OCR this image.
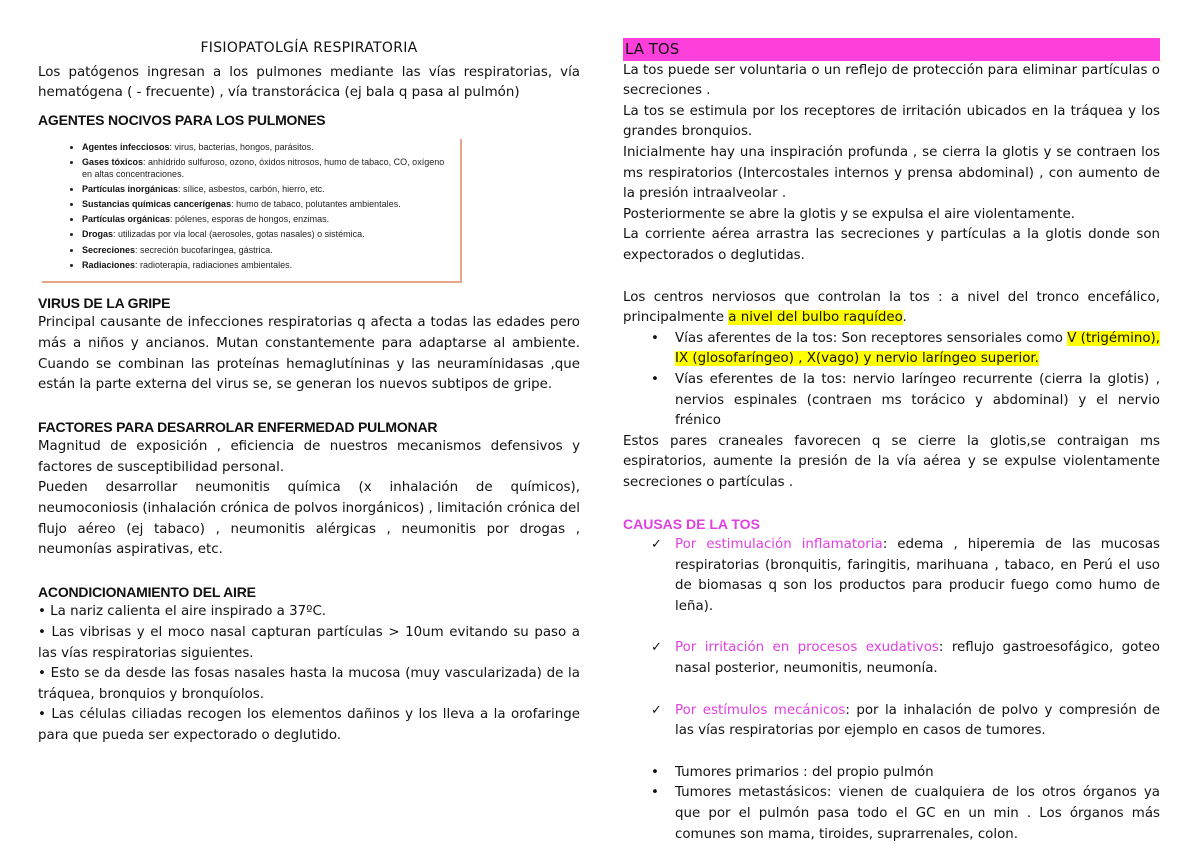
FISIOPATOLGÍA RESPIRATORIA

Los patógenos ingresan a los pulmones mediante las vías respiratorias, vía hematógena ( - frecuente) , vía transtorácica (ej bala q pasa al pulmón)

AGENTES NOCIVOS PARA LOS PULMONES

• Agentes infecciosos: virus, bacterias, hongos, parásitos.
• Gases tóxicos: anhídrido sulfuroso, ozono, óxidos nitrosos, humo de tabaco, CO, oxígeno en altas concentraciones.
• Partículas inorgánicas: sílice, asbestos, carbón, hierro, etc.
• Sustancias químicas cancerígenas: humo de tabaco, polutantes ambientales.
• Partículas orgánicas: pólenes, esporas de hongos, enzimas.
• Drogas: utilizadas por vía local (aerosoles, gotas nasales) o sistémica.
• Secreciones: secreción bucofaríngea, gástrica.
• Radiaciones: radioterapia, radiaciones ambientales.

VIRUS DE LA GRIPE

Principal causante de infecciones respiratorias q afecta a todas las edades pero más a niños y ancianos. Mutan constantemente para adaptarse al ambiente. Cuando se combinan las proteínas hemaglutíninas y las neuramínidasas ,que están la parte externa del virus se, se generan los nuevos subtipos de gripe.

FACTORES PARA DESARROLAR ENFERMEDAD PULMONAR

Magnitud de exposición , eficiencia de nuestros mecanismos defensivos y factores de susceptibilidad personal.

Pueden desarrollar neumonitis química (x inhalación de químicos), neumoconiosis (inhalación crónica de polvos inorgánicos) , limitación crónica del flujo aéreo (ej tabaco) , neumonitis alérgicas , neumonitis por drogas , neumonías aspirativas, etc.

ACONDICIONAMIENTO DEL AIRE

• La nariz calienta el aire inspirado a 37ºC.

• Las vibrisas y el moco nasal capturan partículas > 10um evitando su paso a las vías respiratorias siguientes.

• Esto se da desde las fosas nasales hasta la mucosa (muy vascularizada) de la tráquea, bronquios y bronquíolos.

• Las células ciliadas recogen los elementos dañinos y los lleva a la orofaringe para que pueda ser expectorado o deglutido.

LA TOS

La tos puede ser voluntaria o un reflejo de protección para eliminar partículas o secreciones .

La tos se estimula por los receptores de irritación ubicados en la tráquea y los grandes bronquios.

Inicialmente hay una inspiración profunda , se cierra la glotis y se contraen los ms respiratorios (Intercostales internos y prensa abdominal) , con aumento de la presión intraalveolar .

Posteriormente se abre la glotis y se expulsa el aire violentamente.

La corriente aérea arrastra las secreciones y partículas a la glotis donde son expectorados o deglutidas.

Los centros nerviosos que controlan la tos : a nivel del tronco encefálico, principalmente a nivel del bulbo raquídeo.

• Vías aferentes de la tos: Son receptores sensoriales como V (trigémino), IX (glosofaríngeo) , X(vago) y nervio laríngeo superior.

• Vías eferentes de la tos: nervio laríngeo recurrente (cierra la glotis) , nervios espinales (contraen ms torácico y abdominal) y el nervio frénico

Estos pares craneales favorecen q se cierre la glotis,se contraigan ms espiratorios, aumente la presión de la vía aérea y se expulse violentamente secreciones o partículas .

CAUSAS DE LA TOS

✓ Por estimulación inflamatoria: edema , hiperemia de las mucosas respiratorias (bronquitis, faringitis, marihuana , tabaco, en Perú el uso de biomasas q son los productos para producir fuego como humo de leña).

✓ Por irritación en procesos exudativos: reflujo gastroesofágico, goteo nasal posterior, neumonitis, neumonía.

✓ Por estímulos mecánicos: por la inhalación de polvo y compresión de las vías respiratorias por ejemplo en casos de tumores.

• Tumores primarios : del propio pulmón

• Tumores metastásicos: vienen de cualquiera de los otros órganos ya que por el pulmón pasa todo el GC en un min . Los órganos más comunes son mama, tiroides, suprarrenales, colon.
